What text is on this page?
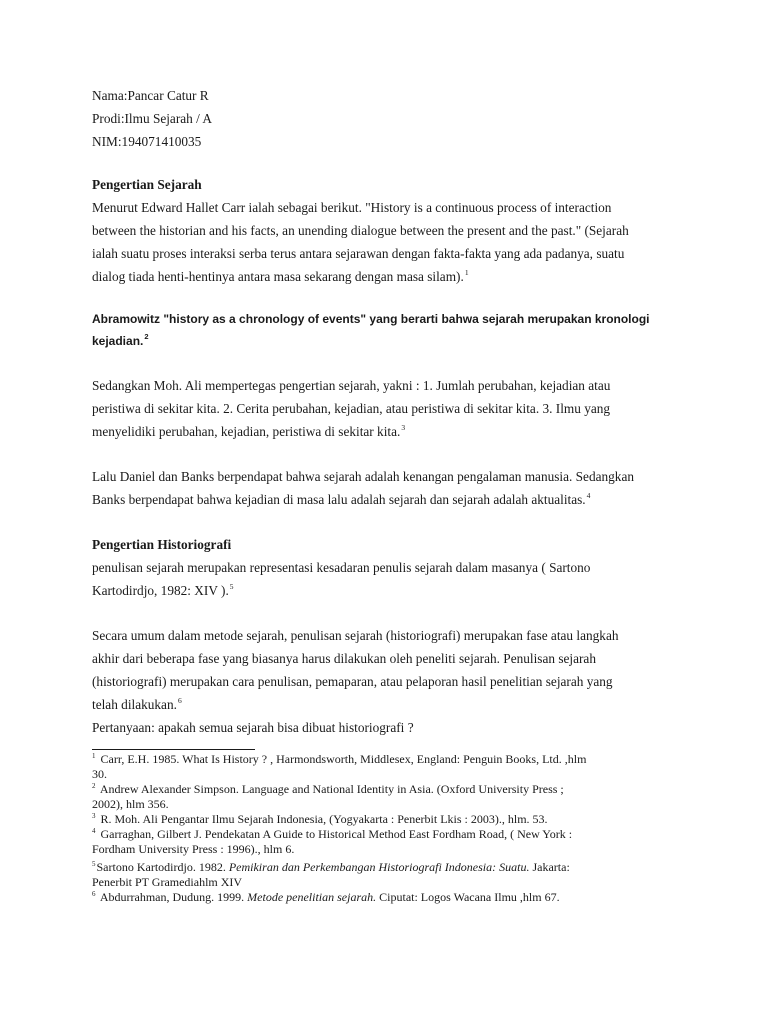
Nama:Pancar Catur R
Prodi:Ilmu Sejarah / A
NIM:194071410035
Pengertian Sejarah
Menurut Edward Hallet Carr ialah sebagai berikut. "History is a continuous process of interaction
between the historian and his facts, an unending dialogue between the present and the past." (Sejarah
ialah suatu proses interaksi serba terus antara sejarawan dengan fakta-fakta yang ada padanya, suatu
dialog tiada henti-hentinya antara masa sekarang dengan masa silam).$^1$
Abramowitz "history as a chronology of events" yang berarti bahwa sejarah merupakan kronologi
kejadian.$^2$
Sedangkan Moh. Ali mempertegas pengertian sejarah, yakni : 1. Jumlah perubahan, kejadian atau
peristiwa di sekitar kita. 2. Cerita perubahan, kejadian, atau peristiwa di sekitar kita. 3. Ilmu yang
menyelidiki perubahan, kejadian, peristiwa di sekitar kita.$^3$
Lalu Daniel dan Banks berpendapat bahwa sejarah adalah kenangan pengalaman manusia. Sedangkan
Banks berpendapat bahwa kejadian di masa lalu adalah sejarah dan sejarah adalah aktualitas.$^4$
Pengertian Historiografi
penulisan sejarah merupakan representasi kesadaran penulis sejarah dalam masanya ( Sartono
Kartodirdjo, 1982: XIV ).$^5$
Secara umum dalam metode sejarah, penulisan sejarah (historiografi) merupakan fase atau langkah
akhir dari beberapa fase yang biasanya harus dilakukan oleh peneliti sejarah. Penulisan sejarah
(historiografi) merupakan cara penulisan, pemaparan, atau pelaporan hasil penelitian sejarah yang
telah dilakukan.$^6$
Pertanyaan: apakah semua sejarah bisa dibuat historiografi ?
$^1$ Carr, E.H. 1985. What Is History ? , Harmondsworth, Middlesex, England: Penguin Books, Ltd. ,hlm
30.
$^2$ Andrew Alexander Simpson. Language and National Identity in Asia. (Oxford University Press ;
2002), hlm 356.
$^3$ R. Moh. Ali Pengantar Ilmu Sejarah Indonesia, (Yogyakarta : Penerbit Lkis : 2003)., hlm. 53.
$^4$ Garraghan, Gilbert J. Pendekatan A Guide to Historical Method East Fordham Road, ( New York :
Fordham University Press : 1996)., hlm 6.
$^5$Sartono Kartodirdjo. 1982. Pemikiran dan Perkembangan Historiografi Indonesia: Suatu. Jakarta:
Penerbit PT Gramediahlm XIV
$^6$ Abdurrahman, Dudung. 1999. Metode penelitian sejarah. Ciputat: Logos Wacana Ilmu ,hlm 67.
